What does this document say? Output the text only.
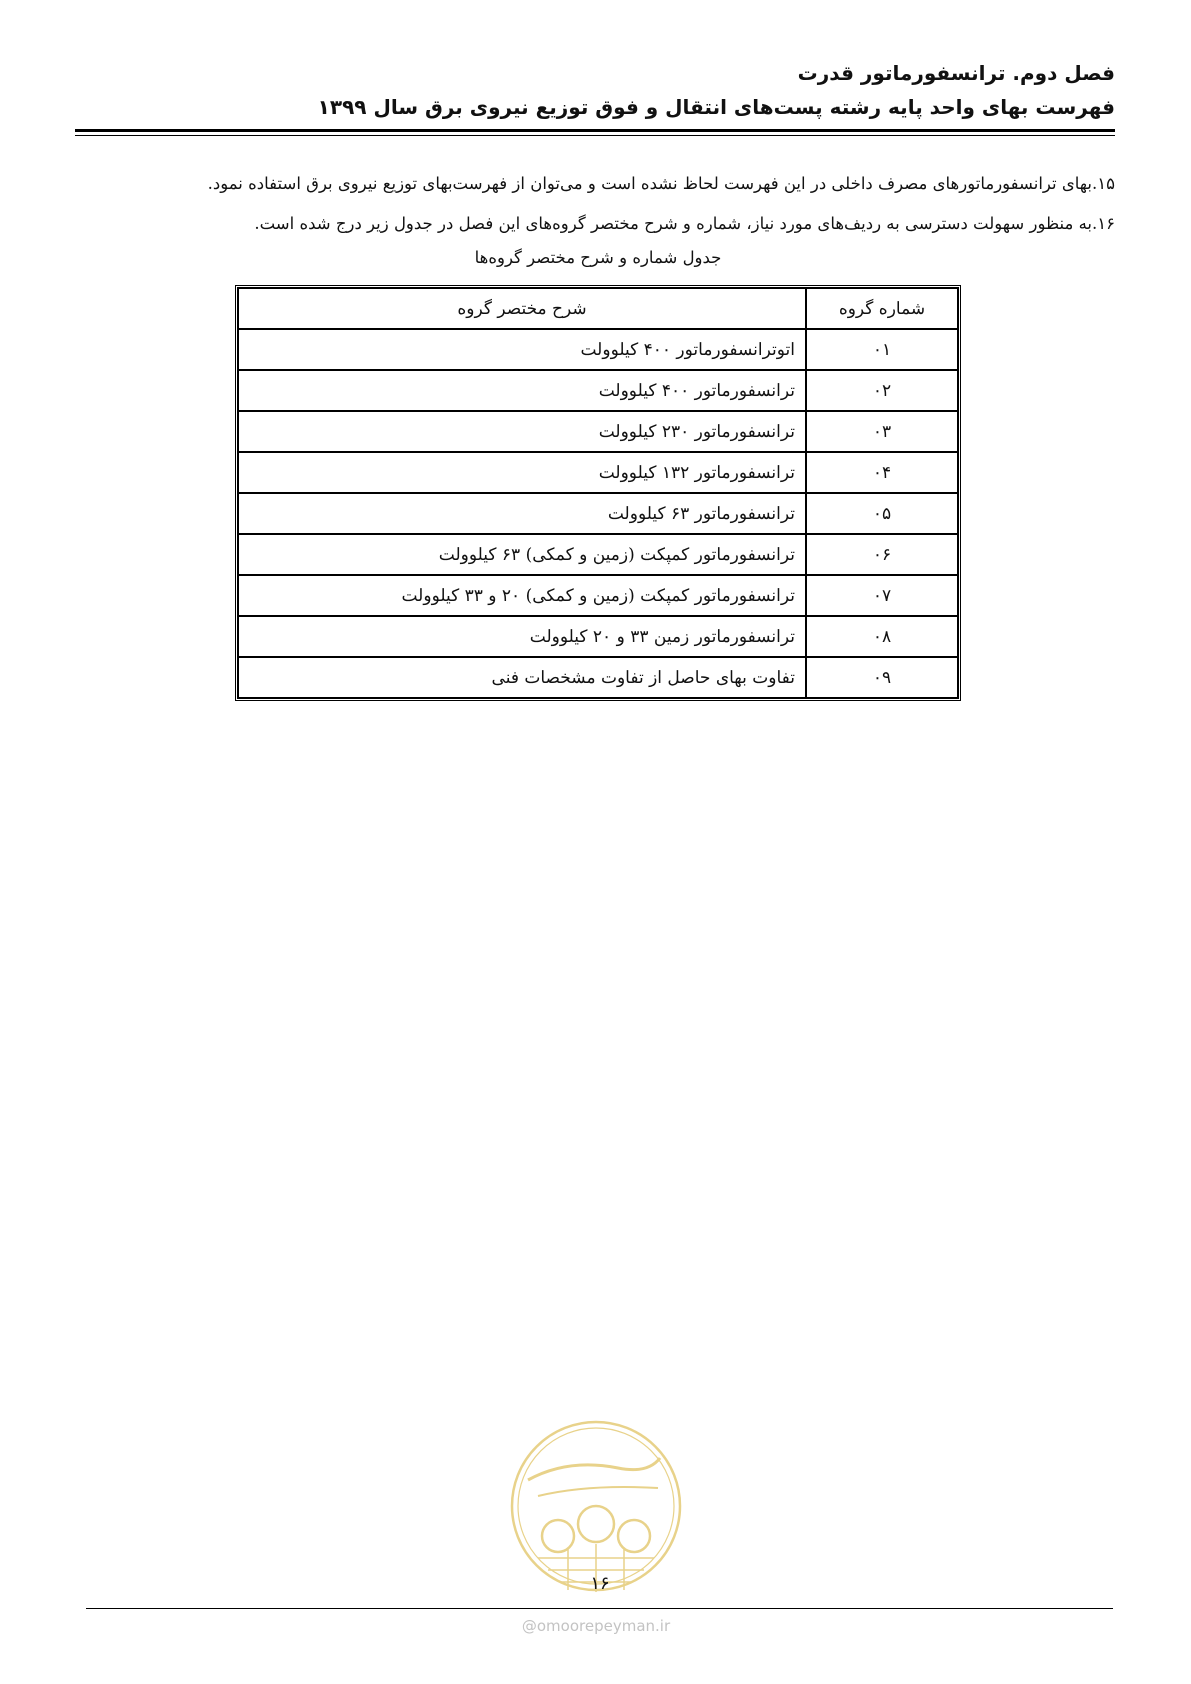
فصل دوم. ترانسفورماتور قدرت
فهرست بهای واحد پایه رشته پست‌های انتقال و فوق توزیع نیروی برق سال ۱۳۹۹

۱۵.بهای ترانسفورماتورهای مصرف داخلی در این فهرست لحاظ نشده است و می‌توان از فهرست‌بهای توزیع نیروی برق استفاده نمود.

۱۶.به منظور سهولت دسترسی به ردیف‌های مورد نیاز، شماره و شرح مختصر گروه‌های این فصل در جدول زیر درج شده است.

جدول شماره و شرح مختصر گروه‌ها
شماره گروه	شرح مختصر گروه
۰۱	اتوترانسفورماتور ۴۰۰ کیلوولت
۰۲	ترانسفورماتور ۴۰۰ کیلوولت
۰۳	ترانسفورماتور ۲۳۰ کیلوولت
۰۴	ترانسفورماتور ۱۳۲ کیلوولت
۰۵	ترانسفورماتور ۶۳ کیلوولت
۰۶	ترانسفورماتور کمپکت (زمین و کمکی) ۶۳ کیلوولت
۰۷	ترانسفورماتور کمپکت (زمین و کمکی) ۲۰ و ۳۳ کیلوولت
۰۸	ترانسفورماتور زمین ۳۳ و ۲۰ کیلوولت
۰۹	تفاوت بهای حاصل از تفاوت مشخصات فنی
۱۶
@omoorepeyman.ir
